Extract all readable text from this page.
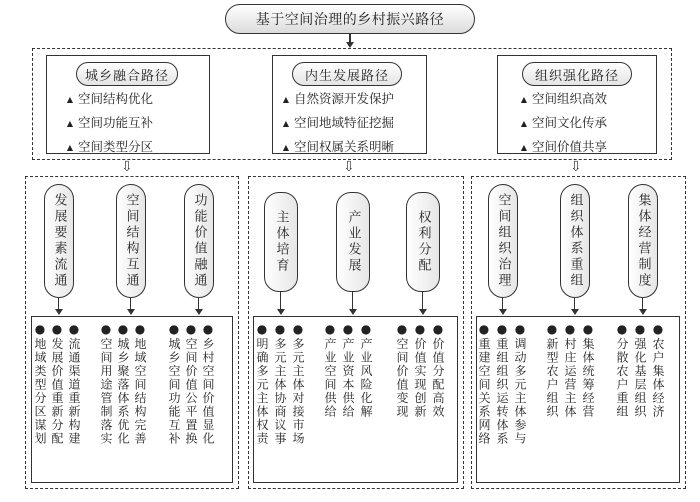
基于空间治理的乡村振兴路径
城乡融合路径	内生发展路径	组织强化路径
▲ 空间结构优化
▲ 空间功能互补
▲ 空间类型分区
▲ 自然资源开发保护
▲ 空间地域特征挖掘
▲ 空间权属关系明晰
▲ 空间组织高效
▲ 空间文化传承
▲ 空间价值共享
⇩	⇩	⇩
发展要素流通	空间结构互通	功能价值融通	主体培育	产业发展	权利分配	空间组织治理	组织体系重组	集体经营制度
●地域类型分区谋划
●发展价值重新分配
●流通渠道重新构建
●空间用途管制落实
●城乡聚落体系优化
●地域空间结构完善
●城乡空间功能互补
●空间价值公平置换
●乡村空间价值显化
●明确多元主体权责
●多元主体协商议事
●多元主体对接市场
●产业空间供给
●产业资本供给
●产业风险化解
●空间价值变现
●价值实现创新
●价值分配高效
●重建空间关系网络
●重组组织运转体系
●调动多元主体参与
●新型农户组织
●村庄运营主体
●集体统筹经营
●分散农户重组
●强化基层组织
●农户集体经济
